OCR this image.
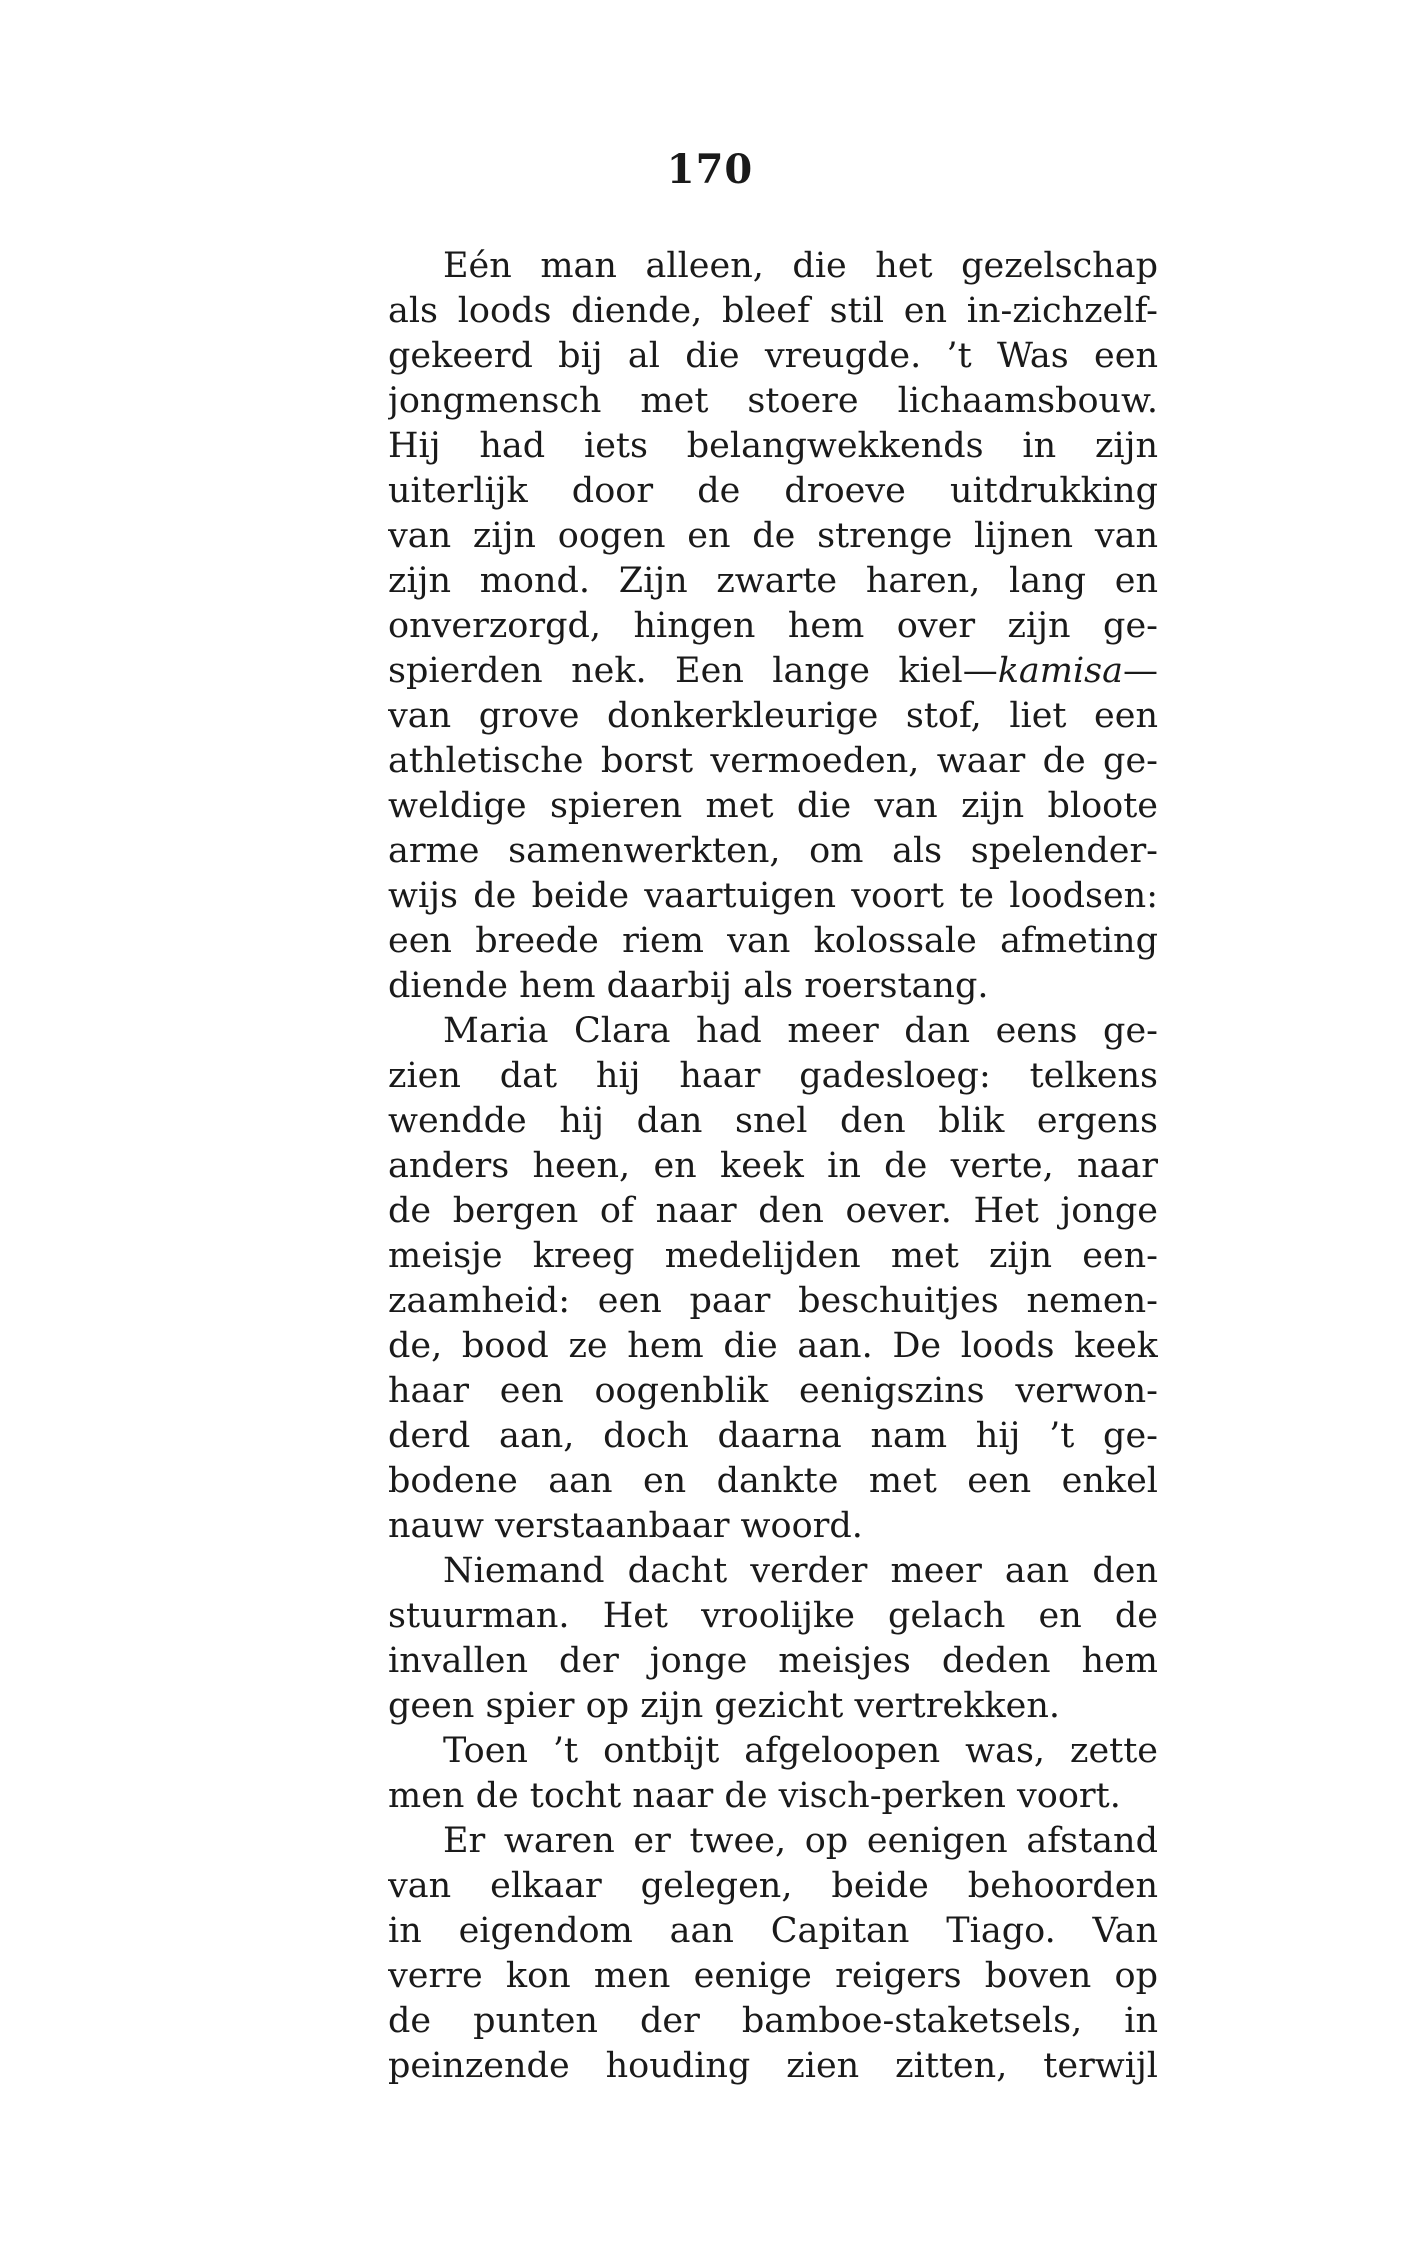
170
Eén man alleen, die het gezelschap
als loods diende, bleef stil en in-zichzelf-
gekeerd bij al die vreugde. ’t Was een
jongmensch met stoere lichaamsbouw.
Hij had iets belangwekkends in zijn
uiterlijk door de droeve uitdrukking
van zijn oogen en de strenge lijnen van
zijn mond. Zijn zwarte haren, lang en
onverzorgd, hingen hem over zijn ge-
spierden nek. Een lange kiel—kamisa—
van grove donkerkleurige stof, liet een
athletische borst vermoeden, waar de ge-
weldige spieren met die van zijn bloote
arme samenwerkten, om als spelender-
wijs de beide vaartuigen voort te loodsen:
een breede riem van kolossale afmeting
diende hem daarbij als roerstang.
Maria Clara had meer dan eens ge-
zien dat hij haar gadesloeg: telkens
wendde hij dan snel den blik ergens
anders heen, en keek in de verte, naar
de bergen of naar den oever. Het jonge
meisje kreeg medelijden met zijn een-
zaamheid: een paar beschuitjes nemen-
de, bood ze hem die aan. De loods keek
haar een oogenblik eenigszins verwon-
derd aan, doch daarna nam hij ’t ge-
bodene aan en dankte met een enkel
nauw verstaanbaar woord.
Niemand dacht verder meer aan den
stuurman. Het vroolijke gelach en de
invallen der jonge meisjes deden hem
geen spier op zijn gezicht vertrekken.
Toen ’t ontbijt afgeloopen was, zette
men de tocht naar de visch-perken voort.
Er waren er twee, op eenigen afstand
van elkaar gelegen, beide behoorden
in eigendom aan Capitan Tiago. Van
verre kon men eenige reigers boven op
de punten der bamboe-staketsels, in
peinzende houding zien zitten, terwijl
